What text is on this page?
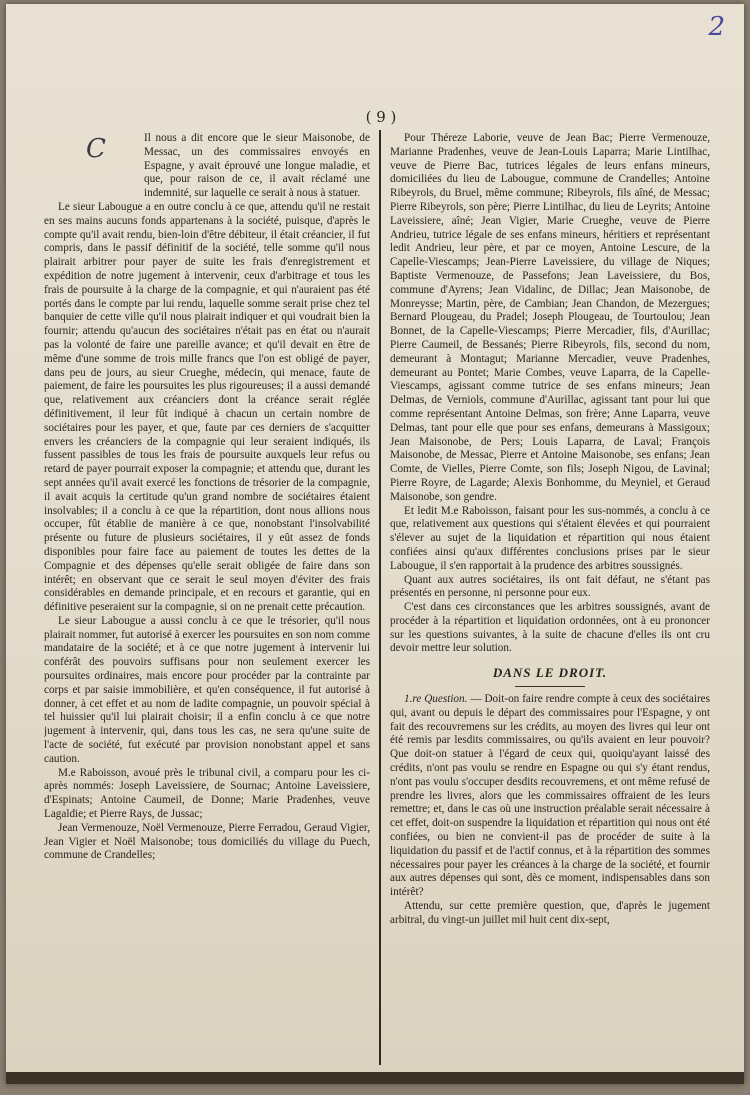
2
( 9 )
C	Il nous a dit encore que le sieur Maisonobe, de Messac, un des commissaires envoyés en Espagne, y avait éprouvé une longue maladie, et que, pour raison de ce, il avait réclamé une indemnité, sur laquelle ce serait à nous à statuer.

Le sieur Labougue a en outre conclu à ce que, attendu qu'il ne restait en ses mains aucuns fonds appartenans à la société, puisque, d'après le compte qu'il avait rendu, bien-loin d'être débiteur, il était créancier, il fut compris, dans le passif définitif de la société, telle somme qu'il nous plairait arbitrer pour payer de suite les frais d'enregistrement et expédition de notre jugement à intervenir, ceux d'arbitrage et tous les frais de poursuite à la charge de la compagnie, et qui n'auraient pas été portés dans le compte par lui rendu, laquelle somme serait prise chez tel banquier de cette ville qu'il nous plairait indiquer et qui voudrait bien la fournir; attendu qu'aucun des sociétaires n'était pas en état ou n'aurait pas la volonté de faire une pareille avance; et qu'il devait en être de même d'une somme de trois mille francs que l'on est obligé de payer, dans peu de jours, au sieur Crueghe, médecin, qui menace, faute de paiement, de faire les poursuites les plus rigoureuses; il a aussi demandé que, relativement aux créanciers dont la créance serait réglée définitivement, il leur fût indiqué à chacun un certain nombre de sociétaires pour les payer, et que, faute par ces derniers de s'acquitter envers les créanciers de la compagnie qui leur seraient indiqués, ils fussent passibles de tous les frais de poursuite auxquels leur refus ou retard de payer pourrait exposer la compagnie; et attendu que, durant les sept années qu'il avait exercé les fonctions de trésorier de la compagnie, il avait acquis la certitude qu'un grand nombre de sociétaires étaient insolvables; il a conclu à ce que la répartition, dont nous allions nous occuper, fût établie de manière à ce que, nonobstant l'insolvabilité présente ou future de plusieurs sociétaires, il y eût assez de fonds disponibles pour faire face au paiement de toutes les dettes de la Compagnie et des dépenses qu'elle serait obligée de faire dans son intérêt; en observant que ce serait le seul moyen d'éviter des frais considérables en demande principale, et en recours et garantie, qui en définitive peseraient sur la compagnie, si on ne prenait cette précaution.

Le sieur Labougue a aussi conclu à ce que le trésorier, qu'il nous plairait nommer, fut autorisé à exercer les poursuites en son nom comme mandataire de la société; et à ce que notre jugement à intervenir lui conférât des pouvoirs suffisans pour non seulement exercer les poursuites ordinaires, mais encore pour procéder par la contrainte par corps et par saisie immobilière, et qu'en conséquence, il fut autorisé à donner, à cet effet et au nom de ladite compagnie, un pouvoir spécial à tel huissier qu'il lui plairait choisir; il a enfin conclu à ce que notre jugement à intervenir, qui, dans tous les cas, ne sera qu'une suite de l'acte de société, fut exécuté par provision nonobstant appel et sans caution.

M.e Raboisson, avoué près le tribunal civil, a comparu pour les ci-après nommés: Joseph Laveissiere, de Sournac; Antoine Laveissiere, d'Espinats; Antoine Caumeil, de Donne; Marie Pradenhes, veuve Lagaldie; et Pierre Rays, de Jussac;

Jean Vermenouze, Noël Vermenouze, Pierre Ferradou, Geraud Vigier, Jean Vigier et Noël Maisonobe; tous domiciliés du village du Puech, commune de Crandelles;

Pour Théreze Laborie, veuve de Jean Bac; Pierre Vermenouze, Marianne Pradenhes, veuve de Jean-Louis Laparra; Marie Lintilhac, veuve de Pierre Bac, tutrices légales de leurs enfans mineurs, domiciliées du lieu de Labougue, commune de Crandelles; Antoine Ribeyrols, du Bruel, même commune; Ribeyrols, fils aîné, de Messac; Pierre Ribeyrols, son père; Pierre Lintilhac, du lieu de Leyrits; Antoine Laveissiere, aîné; Jean Vigier, Marie Crueghe, veuve de Pierre Andrieu, tutrice légale de ses enfans mineurs, héritiers et représentant ledit Andrieu, leur père, et par ce moyen, Antoine Lescure, de la Capelle-Viescamps; Jean-Pierre Laveissiere, du village de Niques; Baptiste Vermenouze, de Passefons; Jean Laveissiere, du Bos, commune d'Ayrens; Jean Vidalinc, de Dillac; Jean Maisonobe, de Monreysse; Martin, père, de Cambian; Jean Chandon, de Mezergues; Bernard Plougeau, du Pradel; Joseph Plougeau, de Tourtoulou; Jean Bonnet, de la Capelle-Viescamps; Pierre Mercadier, fils, d'Aurillac; Pierre Caumeil, de Bessanés; Pierre Ribeyrols, fils, second du nom, demeurant à Montagut; Marianne Mercadier, veuve Pradenhes, demeurant au Pontet; Marie Combes, veuve Laparra, de la Capelle-Viescamps, agissant comme tutrice de ses enfans mineurs; Jean Delmas, de Verniols, commune d'Aurillac, agissant tant pour lui que comme représentant Antoine Delmas, son frère; Anne Laparra, veuve Delmas, tant pour elle que pour ses enfans, demeurans à Massigoux; Jean Maisonobe, de Pers; Louis Laparra, de Laval; François Maisonobe, de Messac, Pierre et Antoine Maisonobe, ses enfans; Jean Comte, de Vielles, Pierre Comte, son fils; Joseph Nigou, de Lavinal; Pierre Royre, de Lagarde; Alexis Bonhomme, du Meyniel, et Geraud Maisonobe, son gendre.

Et ledit M.e Raboisson, faisant pour les sus-nommés, a conclu à ce que, relativement aux questions qui s'étaient élevées et qui pourraient s'élever au sujet de la liquidation et répartition qui nous étaient confiées ainsi qu'aux différentes conclusions prises par le sieur Labougue, il s'en rapportait à la prudence des arbitres soussignés.

Quant aux autres sociétaires, ils ont fait défaut, ne s'étant pas présentés en personne, ni personne pour eux.

C'est dans ces circonstances que les arbitres soussignés, avant de procéder à la répartition et liquidation ordonnées, ont à eu prononcer sur les questions suivantes, à la suite de chacune d'elles ils ont cru devoir mettre leur solution.

DANS LE DROIT.

1.re Question. — Doit-on faire rendre compte à ceux des sociétaires qui, avant ou depuis le départ des commissaires pour l'Espagne, y ont fait des recouvremens sur les crédits, au moyen des livres qui leur ont été remis par lesdits commissaires, ou qu'ils avaient en leur pouvoir? Que doit-on statuer à l'égard de ceux qui, quoiqu'ayant laissé des crédits, n'ont pas voulu se rendre en Espagne ou qui s'y étant rendus, n'ont pas voulu s'occuper desdits recouvremens, et ont même refusé de prendre les livres, alors que les commissaires offraient de les leurs remettre; et, dans le cas où une instruction préalable serait nécessaire à cet effet, doit-on suspendre la liquidation et répartition qui nous ont été confiées, ou bien ne convient-il pas de procéder de suite à la liquidation du passif et de l'actif connus, et à la répartition des sommes nécessaires pour payer les créances à la charge de la société, et fournir aux autres dépenses qui sont, dès ce moment, indispensables dans son intérêt?

Attendu, sur cette première question, que, d'après le jugement arbitral, du vingt-un juillet mil huit cent dix-sept,
